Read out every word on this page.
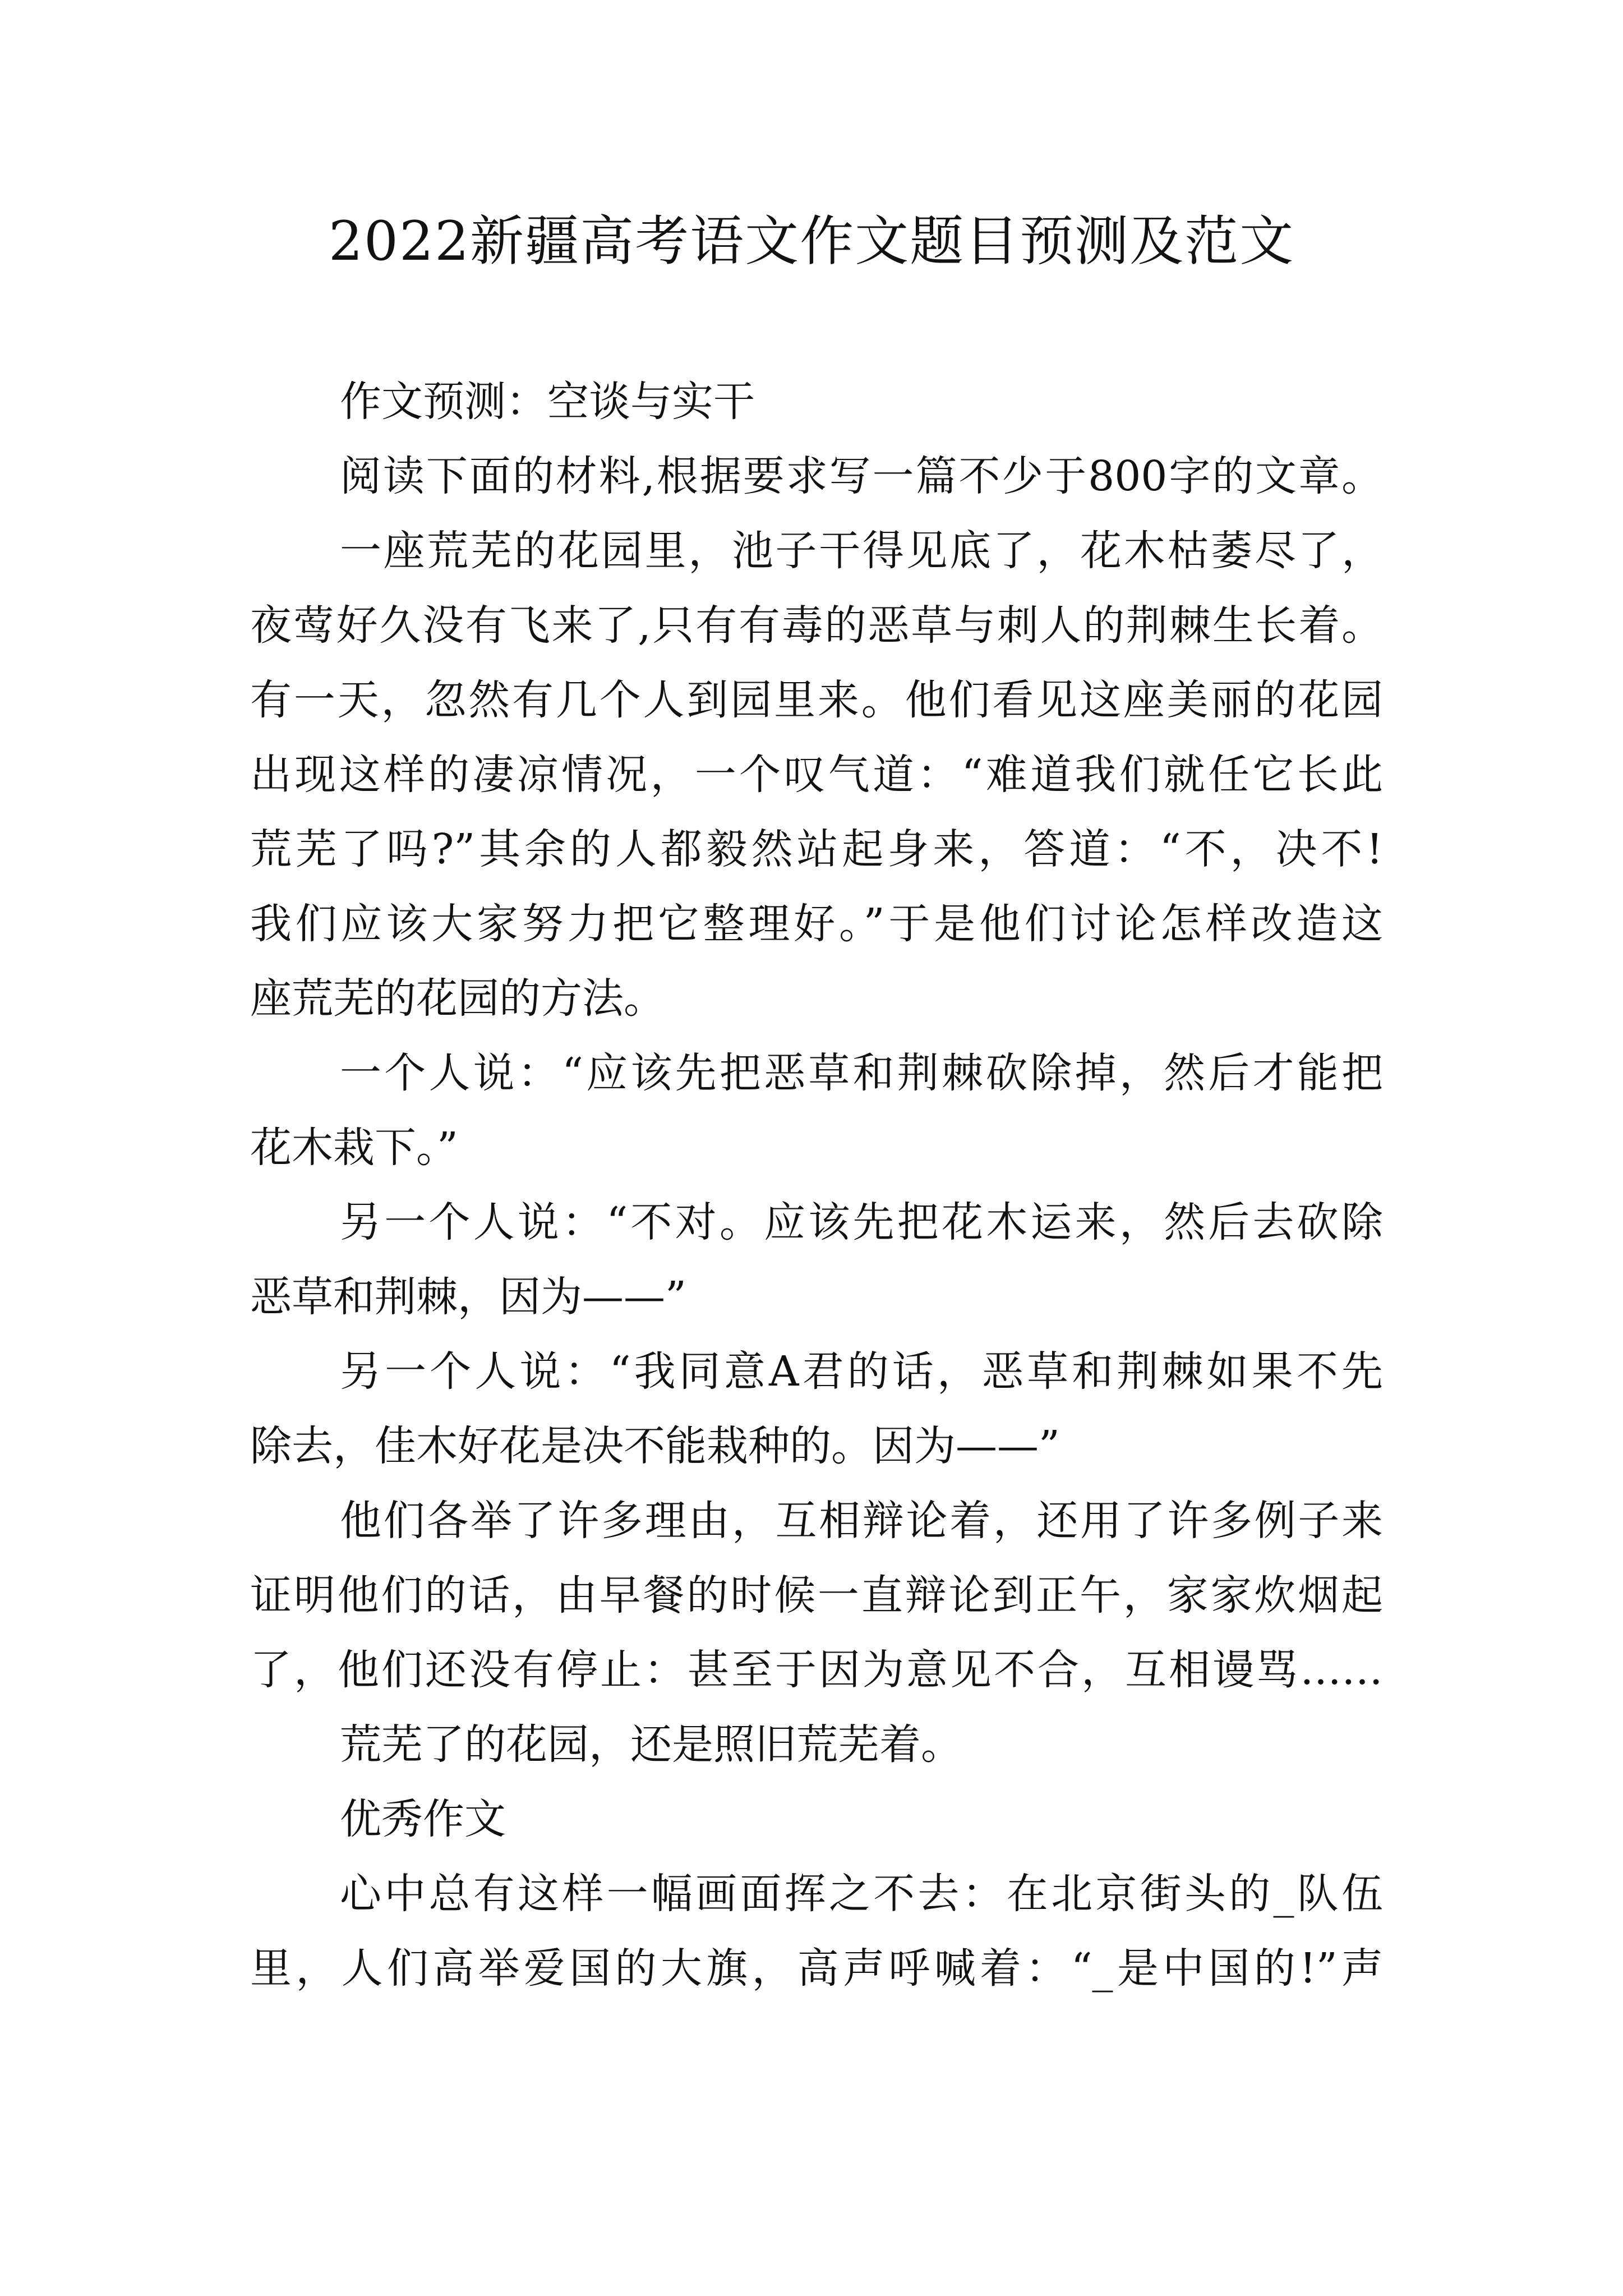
2022新疆高考语文作文题目预测及范文
作文预测：空谈与实干
阅读下面的材料,根据要求写一篇不少于800字的文章。
一座荒芜的花园里，池子干得见底了，花木枯萎尽了，
夜莺好久没有飞来了,只有有毒的恶草与刺人的荆棘生长着。
有一天，忽然有几个人到园里来。他们看见这座美丽的花园
出现这样的凄凉情况，一个叹气道：“难道我们就任它长此
荒芜了吗?”其余的人都毅然站起身来，答道：“不，决不!
我们应该大家努力把它整理好。”于是他们讨论怎样改造这
座荒芜的花园的方法。
一个人说：“应该先把恶草和荆棘砍除掉，然后才能把
花木栽下。”
另一个人说：“不对。应该先把花木运来，然后去砍除
恶草和荆棘，因为——”
另一个人说：“我同意A君的话，恶草和荆棘如果不先
除去，佳木好花是决不能栽种的。因为——”
他们各举了许多理由，互相辩论着，还用了许多例子来
证明他们的话，由早餐的时候一直辩论到正午，家家炊烟起
了，他们还没有停止：甚至于因为意见不合，互相谩骂……
荒芜了的花园，还是照旧荒芜着。
优秀作文
心中总有这样一幅画面挥之不去：在北京街头的_队伍
里，人们高举爱国的大旗，高声呼喊着：“_是中国的!”声
